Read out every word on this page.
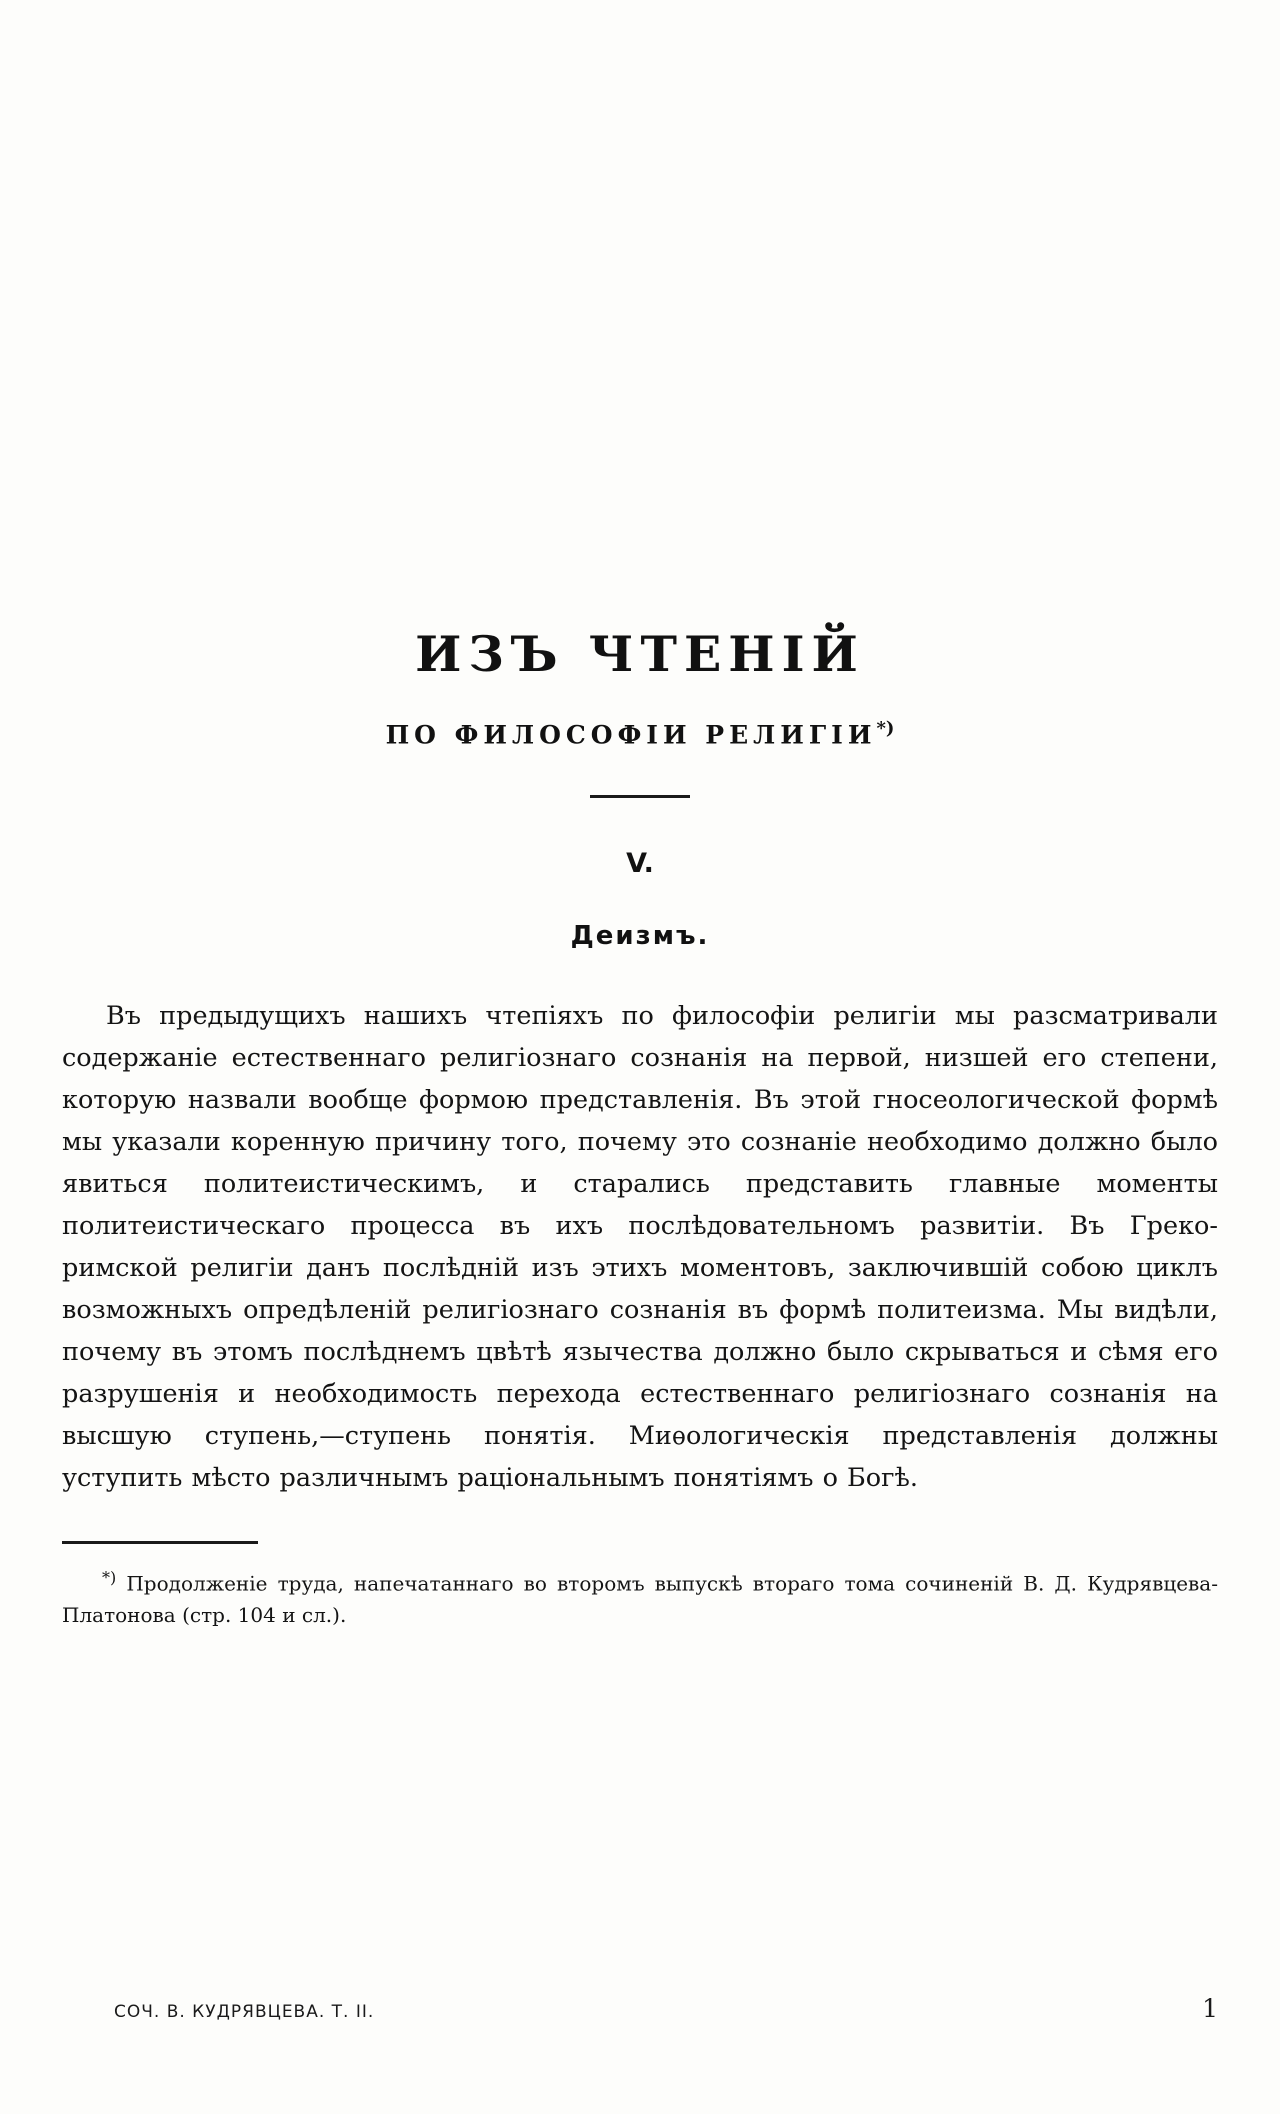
ИЗЪ ЧТЕНІЙ
ПО ФИЛОСОФІИ РЕЛИГІИ*)
V.
Деизмъ.
Въ предыдущихъ нашихъ чтепіяхъ по философіи религіи мы разсматривали содержаніе естественнаго религіознаго сознанія на первой, низшей его степени, которую назвали вообще формою представленія. Въ этой гносеологической формѣ мы указали коренную причину того, почему это сознаніе необходимо должно было явиться политеистическимъ, и старались представить главные моменты политеистическаго процесса въ ихъ послѣдовательномъ развитіи. Въ Греко-римской религіи данъ послѣдній изъ этихъ моментовъ, заключившій собою циклъ возможныхъ опредѣленій религіознаго сознанія въ формѣ политеизма. Мы видѣли, почему въ этомъ послѣднемъ цвѣтѣ язычества должно было скрываться и сѣмя его разрушенія и необходимость перехода естественнаго религіознаго сознанія на высшую ступень,—ступень понятія. Миѳологическія представленія должны уступить мѣсто различнымъ раціональнымъ понятіямъ о Богѣ.
*) Продолженіе труда, напечатаннаго во второмъ выпускѣ втораго тома сочиненій В. Д. Кудрявцева-Платонова (стр. 104 и сл.).
СОЧ. В. КУДРЯВЦЕВА. Т. II.	1
